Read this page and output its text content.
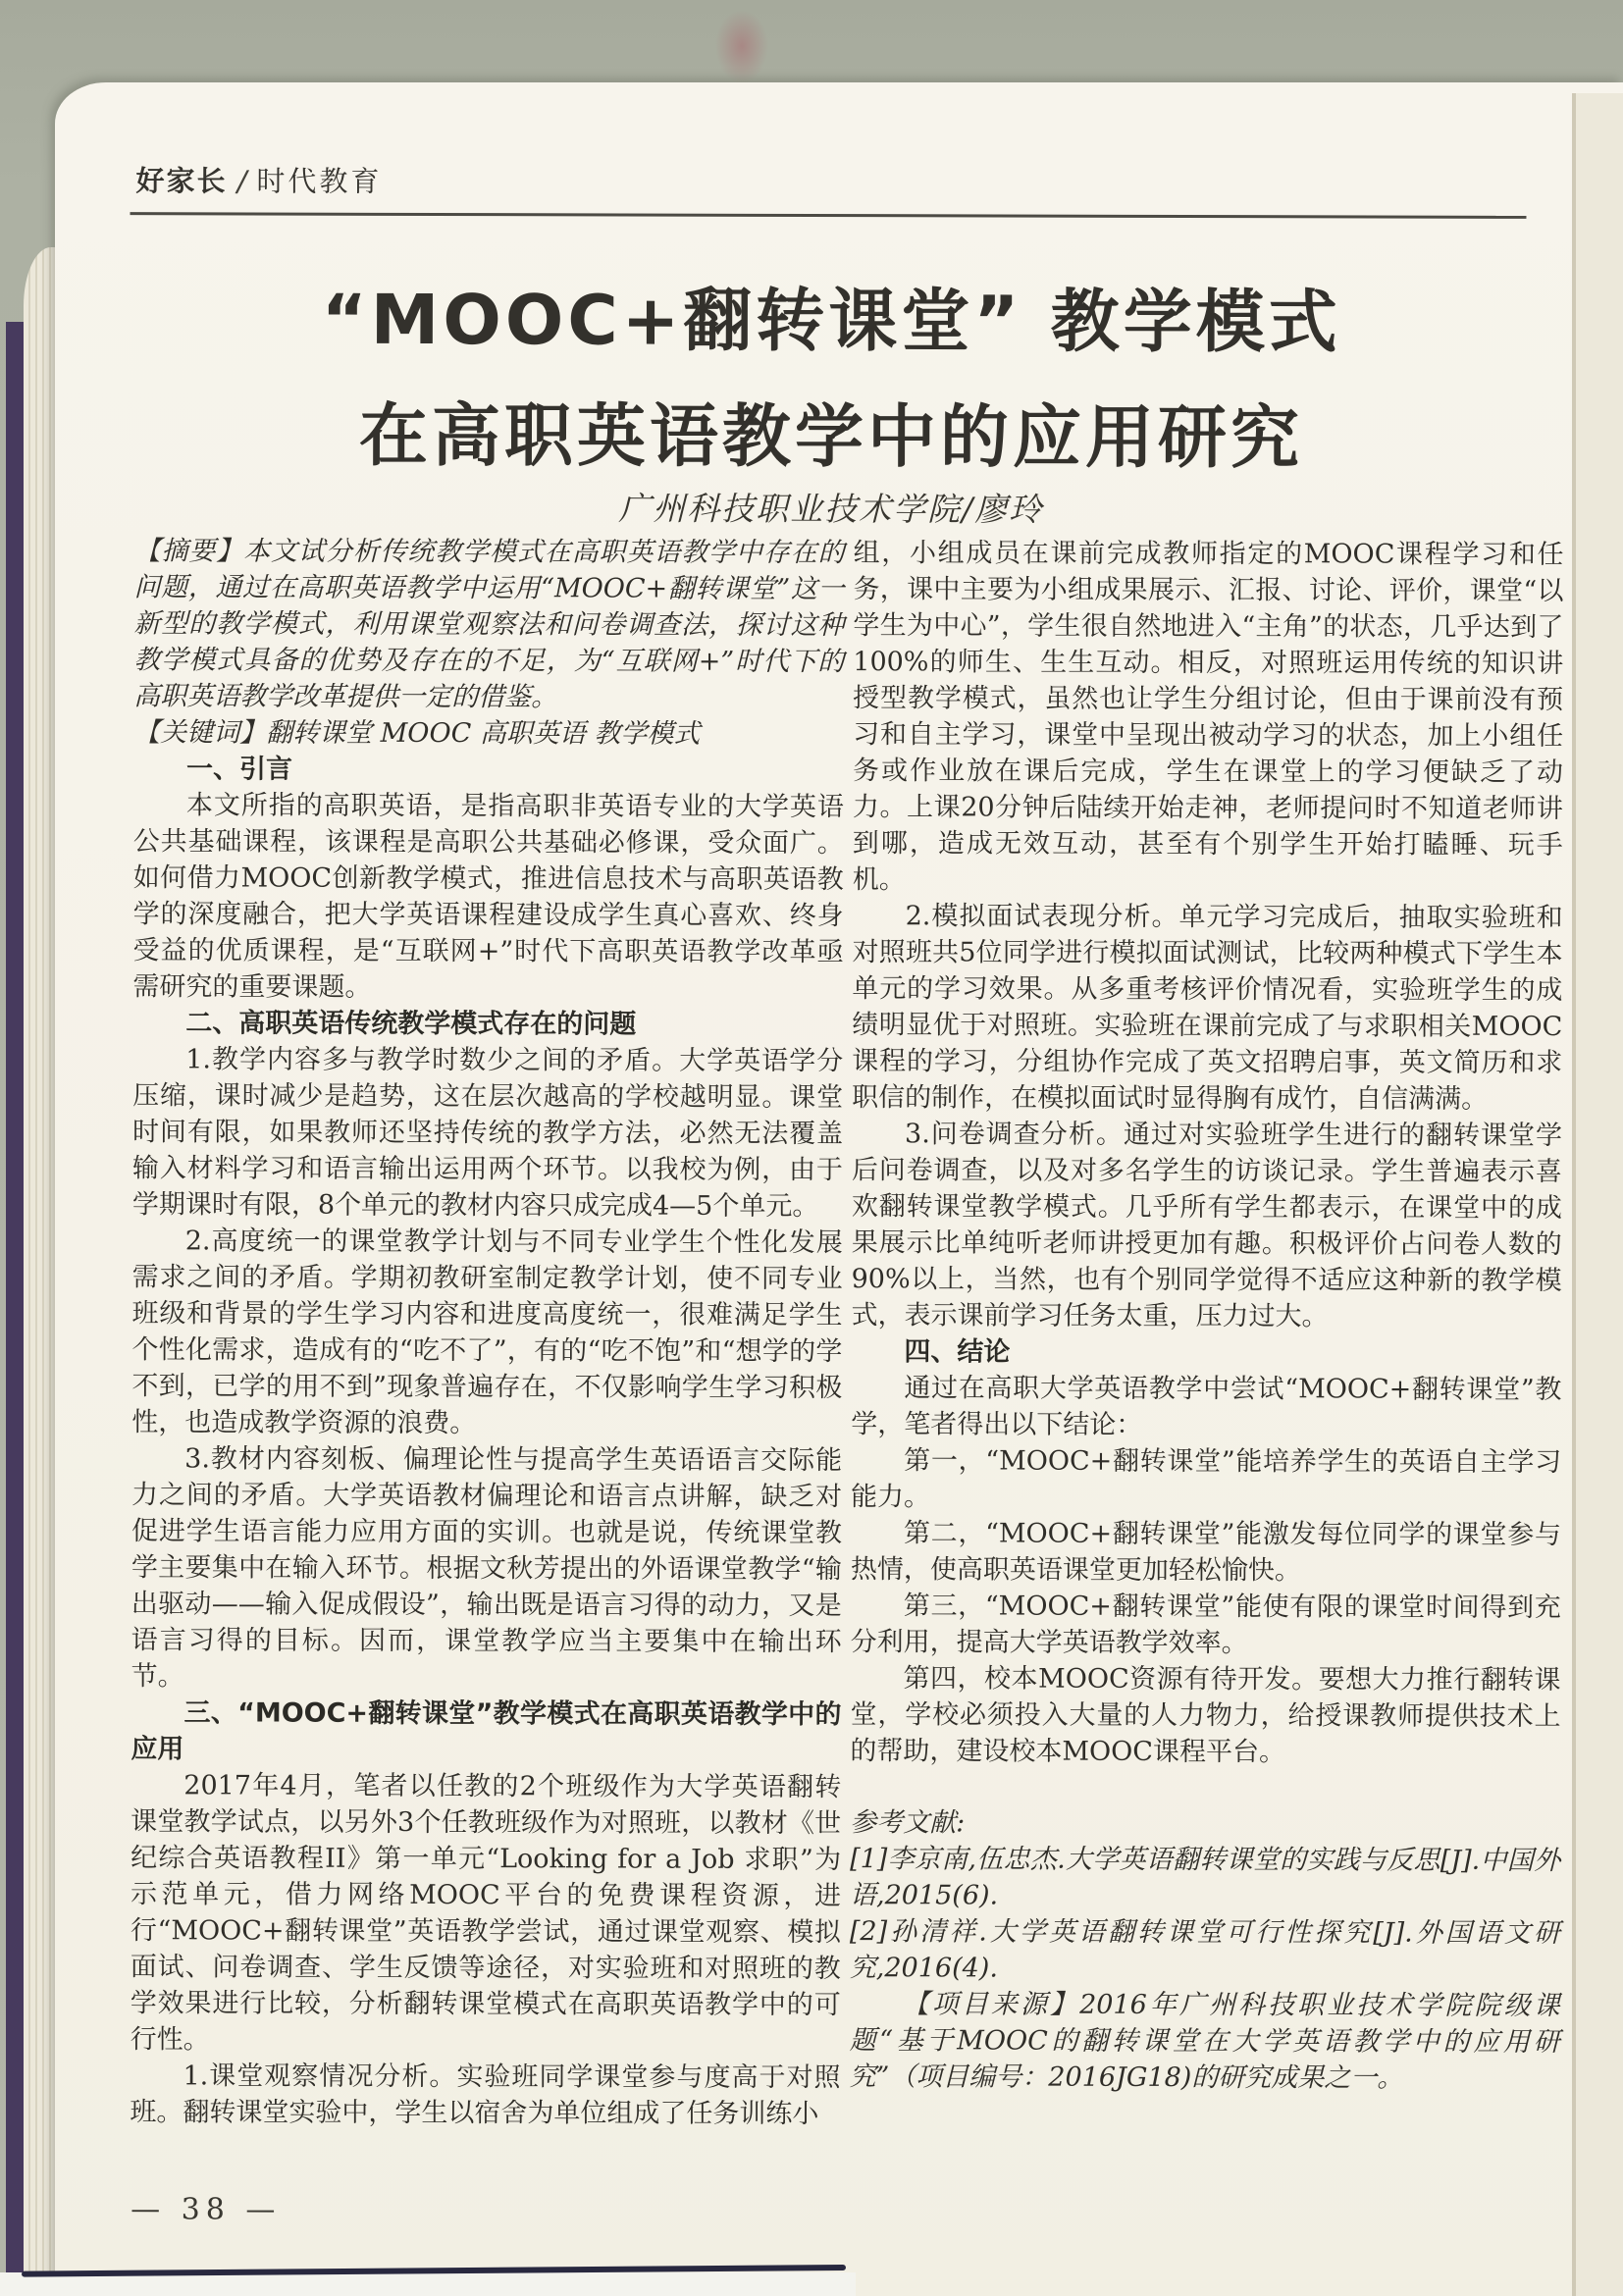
好家长 / 时代教育
“MOOC+翻转课堂” 教学模式
在高职英语教学中的应用研究
广州科技职业技术学院/廖玲

【摘要】本文试分析传统教学模式在高职英语教学中存在的问题，通过在高职英语教学中运用“MOOC+翻转课堂”这一新型的教学模式，利用课堂观察法和问卷调查法，探讨这种教学模式具备的优势及存在的不足，为“互联网+”时代下的高职英语教学改革提供一定的借鉴。

【关键词】翻转课堂 MOOC 高职英语 教学模式

一、引言

本文所指的高职英语，是指高职非英语专业的大学英语公共基础课程，该课程是高职公共基础必修课，受众面广。如何借力MOOC创新教学模式，推进信息技术与高职英语教学的深度融合，把大学英语课程建设成学生真心喜欢、终身受益的优质课程，是“互联网+”时代下高职英语教学改革亟需研究的重要课题。

二、高职英语传统教学模式存在的问题

1.教学内容多与教学时数少之间的矛盾。大学英语学分压缩，课时减少是趋势，这在层次越高的学校越明显。课堂时间有限，如果教师还坚持传统的教学方法，必然无法覆盖输入材料学习和语言输出运用两个环节。以我校为例，由于学期课时有限，8个单元的教材内容只成完成4—5个单元。

2.高度统一的课堂教学计划与不同专业学生个性化发展需求之间的矛盾。学期初教研室制定教学计划，使不同专业班级和背景的学生学习内容和进度高度统一，很难满足学生个性化需求，造成有的“吃不了”，有的“吃不饱”和“想学的学不到，已学的用不到”现象普遍存在，不仅影响学生学习积极性，也造成教学资源的浪费。

3.教材内容刻板、偏理论性与提高学生英语语言交际能力之间的矛盾。大学英语教材偏理论和语言点讲解，缺乏对促进学生语言能力应用方面的实训。也就是说，传统课堂教学主要集中在输入环节。根据文秋芳提出的外语课堂教学“输出驱动——输入促成假设”，输出既是语言习得的动力，又是语言习得的目标。因而，课堂教学应当主要集中在输出环节。

三、“MOOC+翻转课堂”教学模式在高职英语教学中的应用

2017年4月，笔者以任教的2个班级作为大学英语翻转课堂教学试点，以另外3个任教班级作为对照班，以教材《世纪综合英语教程II》第一单元“Looking for a Job 求职”为示范单元，借力网络MOOC平台的免费课程资源，进行“MOOC+翻转课堂”英语教学尝试，通过课堂观察、模拟面试、问卷调查、学生反馈等途径，对实验班和对照班的教学效果进行比较，分析翻转课堂模式在高职英语教学中的可行性。

1.课堂观察情况分析。实验班同学课堂参与度高于对照班。翻转课堂实验中，学生以宿舍为单位组成了任务训练小

组，小组成员在课前完成教师指定的MOOC课程学习和任务，课中主要为小组成果展示、汇报、讨论、评价，课堂“以学生为中心”，学生很自然地进入“主角”的状态，几乎达到了100%的师生、生生互动。相反，对照班运用传统的知识讲授型教学模式，虽然也让学生分组讨论，但由于课前没有预习和自主学习，课堂中呈现出被动学习的状态，加上小组任务或作业放在课后完成，学生在课堂上的学习便缺乏了动力。上课20分钟后陆续开始走神，老师提问时不知道老师讲到哪，造成无效互动，甚至有个别学生开始打瞌睡、玩手机。

2.模拟面试表现分析。单元学习完成后，抽取实验班和对照班共5位同学进行模拟面试测试，比较两种模式下学生本单元的学习效果。从多重考核评价情况看，实验班学生的成绩明显优于对照班。实验班在课前完成了与求职相关MOOC课程的学习，分组协作完成了英文招聘启事，英文简历和求职信的制作，在模拟面试时显得胸有成竹，自信满满。

3.问卷调查分析。通过对实验班学生进行的翻转课堂学后问卷调查，以及对多名学生的访谈记录。学生普遍表示喜欢翻转课堂教学模式。几乎所有学生都表示，在课堂中的成果展示比单纯听老师讲授更加有趣。积极评价占问卷人数的90%以上，当然，也有个别同学觉得不适应这种新的教学模式，表示课前学习任务太重，压力过大。

四、结论

通过在高职大学英语教学中尝试“MOOC+翻转课堂”教学，笔者得出以下结论：

第一，“MOOC+翻转课堂”能培养学生的英语自主学习能力。

第二，“MOOC+翻转课堂”能激发每位同学的课堂参与热情，使高职英语课堂更加轻松愉快。

第三，“MOOC+翻转课堂”能使有限的课堂时间得到充分利用，提高大学英语教学效率。

第四，校本MOOC资源有待开发。要想大力推行翻转课堂，学校必须投入大量的人力物力，给授课教师提供技术上的帮助，建设校本MOOC课程平台。

参考文献:

[1]李京南,伍忠杰.大学英语翻转课堂的实践与反思[J].中国外语,2015(6).

[2]孙清祥.大学英语翻转课堂可行性探究[J].外国语文研究,2016(4).

【项目来源】2016年广州科技职业技术学院院级课题“基于MOOC的翻转课堂在大学英语教学中的应用研究”（项目编号：2016JG18)的研究成果之一。

— 38 —
